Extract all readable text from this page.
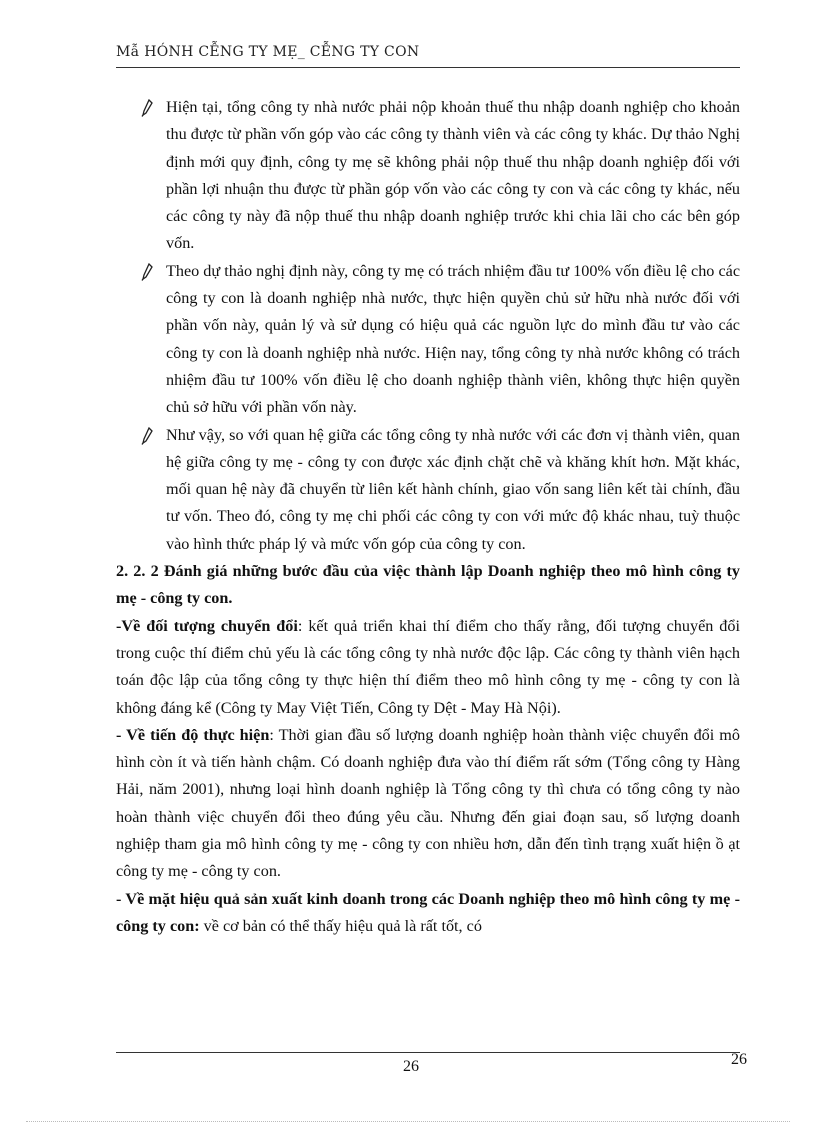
Mẫ HÓNH CỄNG TY MẸ_ CỄNG TY CON
Hiện tại, tổng công ty nhà nước phải nộp khoản thuế thu nhập doanh nghiệp cho khoản thu được từ phần vốn góp vào các công ty thành viên và các công ty khác. Dự thảo Nghị định mới quy định, công ty mẹ sẽ không phải nộp thuế thu nhập doanh nghiệp đối với phần lợi nhuận thu được từ phần góp vốn vào các công ty con và các công ty khác, nếu các công ty này đã nộp thuế thu nhập doanh nghiệp trước khi chia lãi cho các bên góp vốn.
Theo dự thảo nghị định này, công ty mẹ có trách nhiệm đầu tư 100% vốn điều lệ cho các công ty con là doanh nghiệp nhà nước, thực hiện quyền chủ sử hữu nhà nước đối với phần vốn này, quản lý và sử dụng có hiệu quả các nguồn lực do mình đầu tư vào các công ty con là doanh nghiệp nhà nước. Hiện nay, tổng công ty nhà nước không có trách nhiệm đầu tư 100% vốn điều lệ cho doanh nghiệp thành viên, không thực hiện quyền chủ sở hữu với phần vốn này.
Như vậy, so với quan hệ giữa các tổng công ty nhà nước với các đơn vị thành viên, quan hệ giữa công ty mẹ - công ty con được xác định chặt chẽ và khăng khít hơn. Mặt khác, mối quan hệ này đã chuyển từ liên kết hành chính, giao vốn sang liên kết tài chính, đầu tư vốn. Theo đó, công ty mẹ chi phối các công ty con với mức độ khác nhau, tuỳ thuộc vào hình thức pháp lý và mức vốn góp của công ty con.
2. 2. 2 Đánh giá những bước đầu của việc thành lập Doanh nghiệp theo mô hình công ty mẹ - công ty con.

-Về đối tượng chuyển đổi: kết quả triển khai thí điểm cho thấy rằng, đối tượng chuyển đổi trong cuộc thí điểm chủ yếu là các tổng công ty nhà nước độc lập. Các công ty thành viên hạch toán độc lập của tổng công ty thực hiện thí điểm theo mô hình công ty mẹ - công ty con là không đáng kể (Công ty May Việt Tiến, Công ty Dệt - May Hà Nội).

- Về tiến độ thực hiện: Thời gian đầu số lượng doanh nghiệp hoàn thành việc chuyển đổi mô hình còn ít và tiến hành chậm. Có doanh nghiệp đưa vào thí điểm rất sớm (Tổng công ty Hàng Hải, năm 2001), nhưng loại hình doanh nghiệp là Tổng công ty thì chưa có tổng công ty nào hoàn thành việc chuyển đổi theo đúng yêu cầu. Nhưng đến giai đoạn sau, số lượng doanh nghiệp tham gia mô hình công ty mẹ - công ty con nhiều hơn, dẫn đến tình trạng xuất hiện ồ ạt công ty mẹ - công ty con.

- Về mặt hiệu quả sản xuất kinh doanh trong các Doanh nghiệp theo mô hình công ty mẹ - công ty con: về cơ bản có thể thấy hiệu quả là rất tốt, có

26	26
